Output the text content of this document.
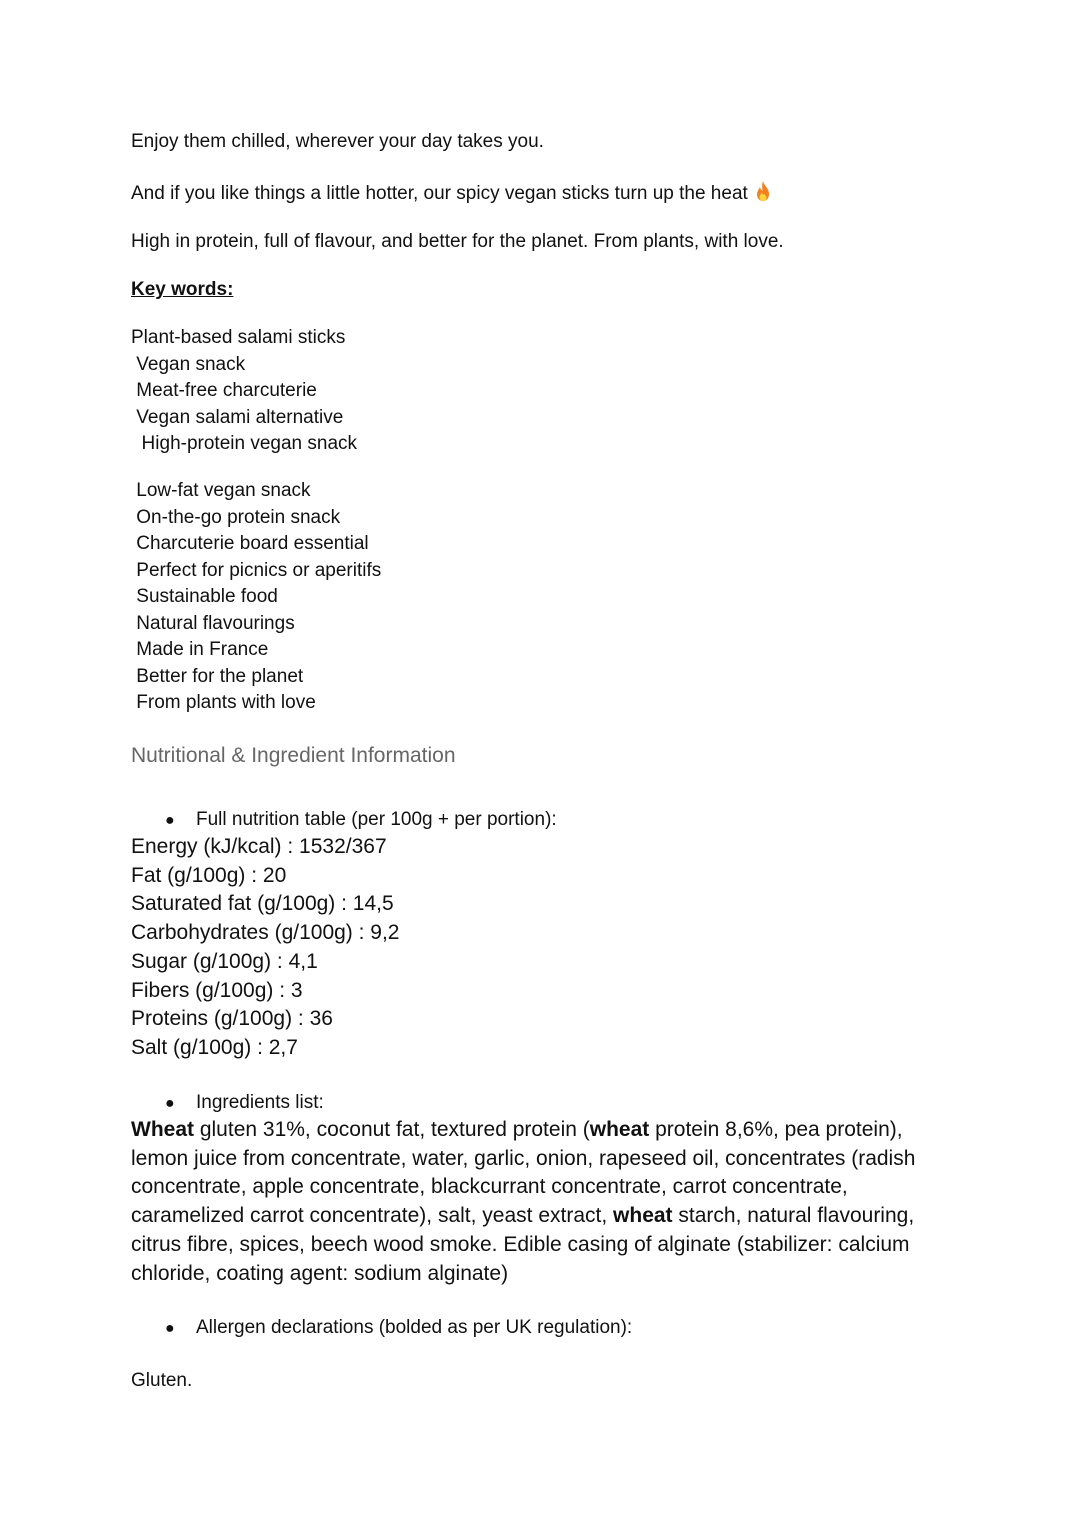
Enjoy them chilled, wherever your day takes you.

And if you like things a little hotter, our spicy vegan sticks turn up the heat

High in protein, full of flavour, and better for the planet. From plants, with love.

Key words:

Plant-based salami sticks
Vegan snack
Meat-free charcuterie
Vegan salami alternative
High-protein vegan snack
Low-fat vegan snack
On-the-go protein snack
Charcuterie board essential
Perfect for picnics or aperitifs
Sustainable food
Natural flavourings
Made in France
Better for the planet
From plants with love
Nutritional & Ingredient Information
● Full nutrition table (per 100g + per portion):
Energy (kJ/kcal) : 1532/367
Fat (g/100g) : 20
Saturated fat (g/100g) : 14,5
Carbohydrates (g/100g) : 9,2
Sugar (g/100g) : 4,1
Fibers (g/100g) : 3
Proteins (g/100g) : 36
Salt (g/100g) : 2,7
● Ingredients list:

Wheat gluten 31%, coconut fat, textured protein (wheat protein 8,6%, pea protein), lemon juice from concentrate, water, garlic, onion, rapeseed oil, concentrates (radish concentrate, apple concentrate, blackcurrant concentrate, carrot concentrate, caramelized carrot concentrate), salt, yeast extract, wheat starch, natural flavouring, citrus fibre, spices, beech wood smoke. Edible casing of alginate (stabilizer: calcium chloride, coating agent: sodium alginate)

● Allergen declarations (bolded as per UK regulation):

Gluten.
